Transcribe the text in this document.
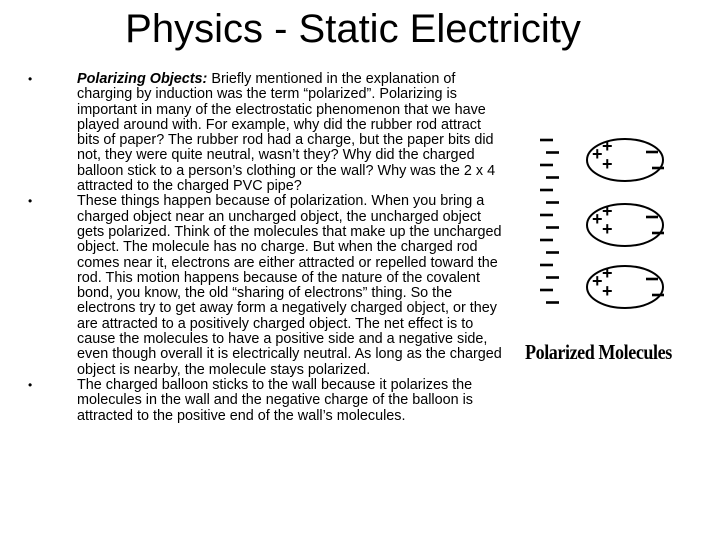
Physics - Static Electricity
•	Polarizing Objects: Briefly mentioned in the explanation of charging by induction was the term “polarized”. Polarizing is important in many of the electrostatic phenomenon that we have played around with. For example, why did the rubber rod attract bits of paper? The rubber rod had a charge, but the paper bits did not, they were quite neutral, wasn’t they? Why did the charged balloon stick to a person’s clothing or the wall? Why was the 2 x 4 attracted to the charged PVC pipe?
•	These things happen because of polarization. When you bring a charged object near an uncharged object, the uncharged object gets polarized. Think of the molecules that make up the uncharged object. The molecule has no charge. But when the charged rod comes near it, electrons are either attracted or repelled toward the rod. This motion happens because of the nature of the covalent bond, you know, the old “sharing of electrons” thing. So the electrons try to get away form a negatively charged object, or they are attracted to a positively charged object. The net effect is to cause the molecules to have a positive side and a negative side, even though overall it is electrically neutral. As long as the charged object is nearby, the molecule stays polarized.
•	The charged balloon sticks to the wall because it polarizes the molecules in the wall and the negative charge of the balloon is attracted to the positive end of the wall’s molecules.
+ +
+
+ +
+
+ +
+
Polarized Molecules
